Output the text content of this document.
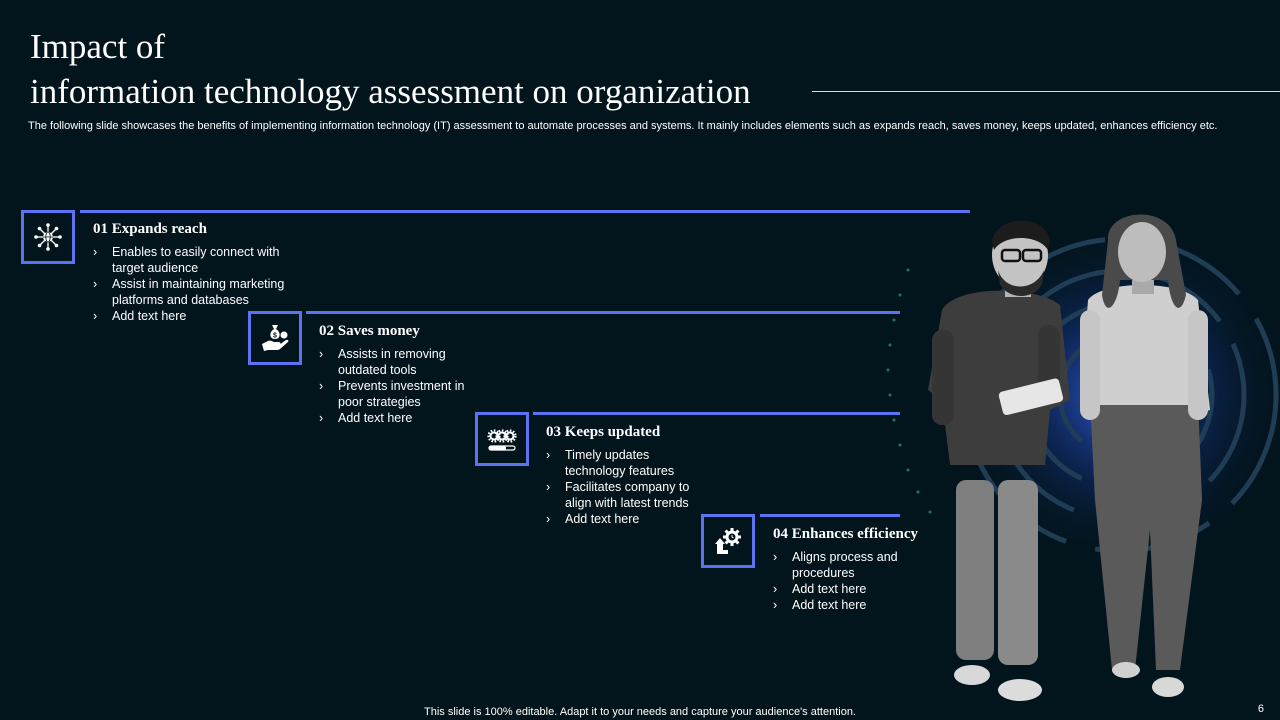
Impact of
information technology assessment on organization

The following slide showcases the benefits of implementing information technology (IT) assessment to automate processes and systems. It mainly includes elements such as expands reach, saves money, keeps updated, enhances efficiency etc.

01 Expands reach
› Enables to easily connect with target audience
› Assist in maintaining marketing platforms and databases
› Add text here
$	02 Saves money
› Assists in removing outdated tools
› Prevents investment in poor strategies
› Add text here
03 Keeps updated
› Timely updates technology features
› Facilitates company to align with latest trends
› Add text here
04 Enhances efficiency
› Aligns process and procedures
› Add text here
› Add text here
This slide is 100% editable. Adapt it to your needs and capture your audience's attention.	6
